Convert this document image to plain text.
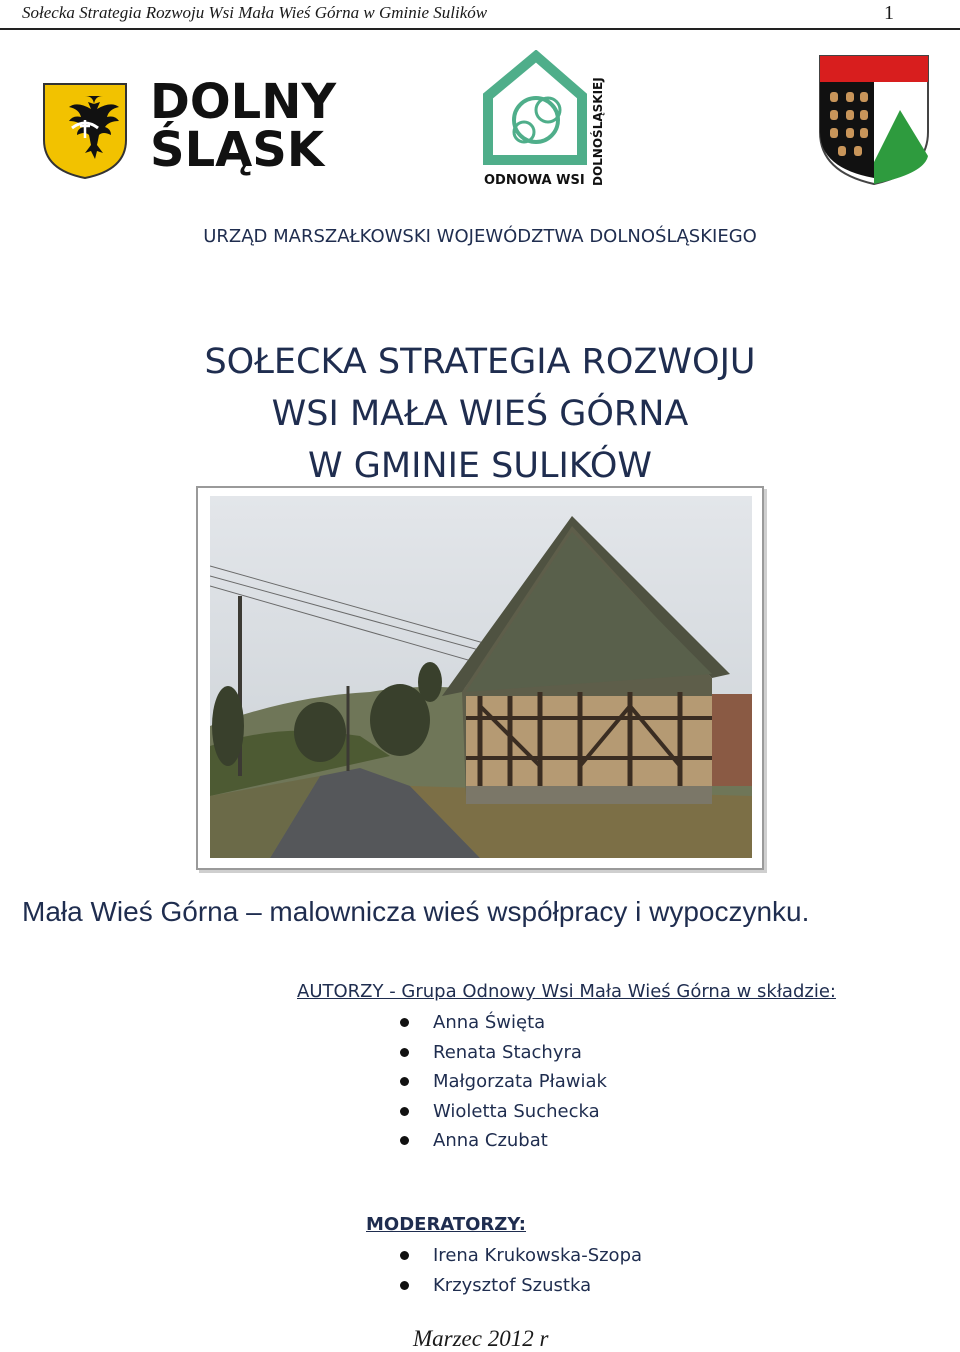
Sołecka Strategia Rozwoju Wsi Mała Wieś Górna w Gminie Sulików	1
DOLNY
ŚLĄSK
ODNOWA WSI DOLNOŚLĄSKIEJ
URZĄD MARSZAŁKOWSKI WOJEWÓDZTWA DOLNOŚLĄSKIEGO
SOŁECKA STRATEGIA ROZWOJU
WSI MAŁA WIEŚ GÓRNA
W GMINIE SULIKÓW
Mała Wieś Górna – malownicza wieś współpracy i wypoczynku.
AUTORZY - Grupa Odnowy Wsi Mała Wieś Górna w składzie:
Anna Święta
Renata Stachyra
Małgorzata Pławiak
Wioletta Suchecka
Anna Czubat
MODERATORZY:
Irena Krukowska-Szopa
Krzysztof Szustka
Marzec 2012 r
